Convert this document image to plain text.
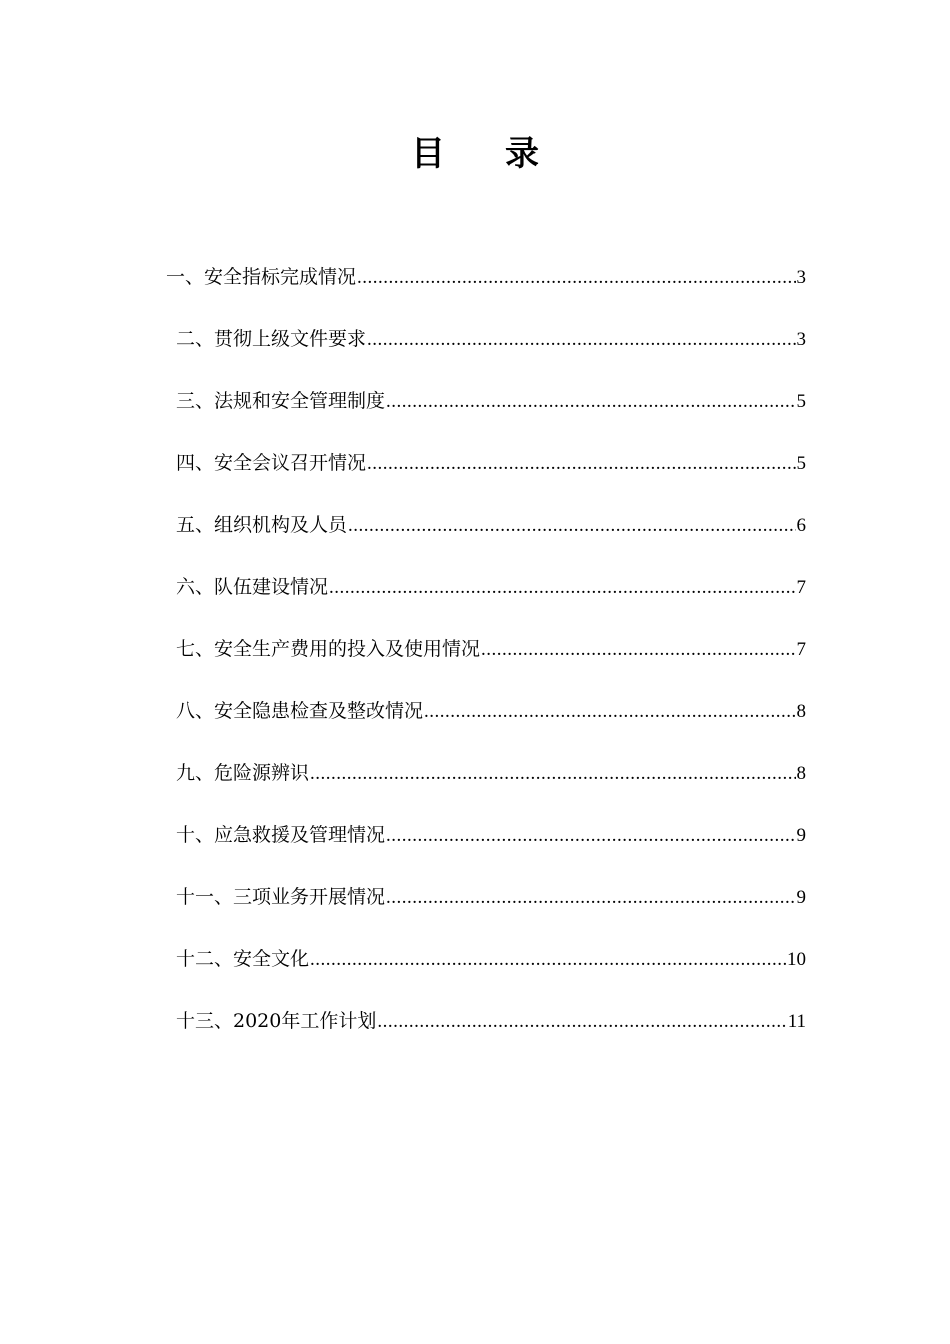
目 录
一、安全指标完成情况 .....	3
二、贯彻上级文件要求 .....	3
三、法规和安全管理制度 .....	5
四、安全会议召开情况 .....	5
五、组织机构及人员 .....	6
六、队伍建设情况 .....	7
七、安全生产费用的投入及使用情况 .....	7
八、安全隐患检查及整改情况 .....	8
九、危险源辨识 .....	8
十、应急救援及管理情况 .....	9
十一、三项业务开展情况 .....	9
十二、安全文化 .....	10
十三、2020年工作计划 .....	11
